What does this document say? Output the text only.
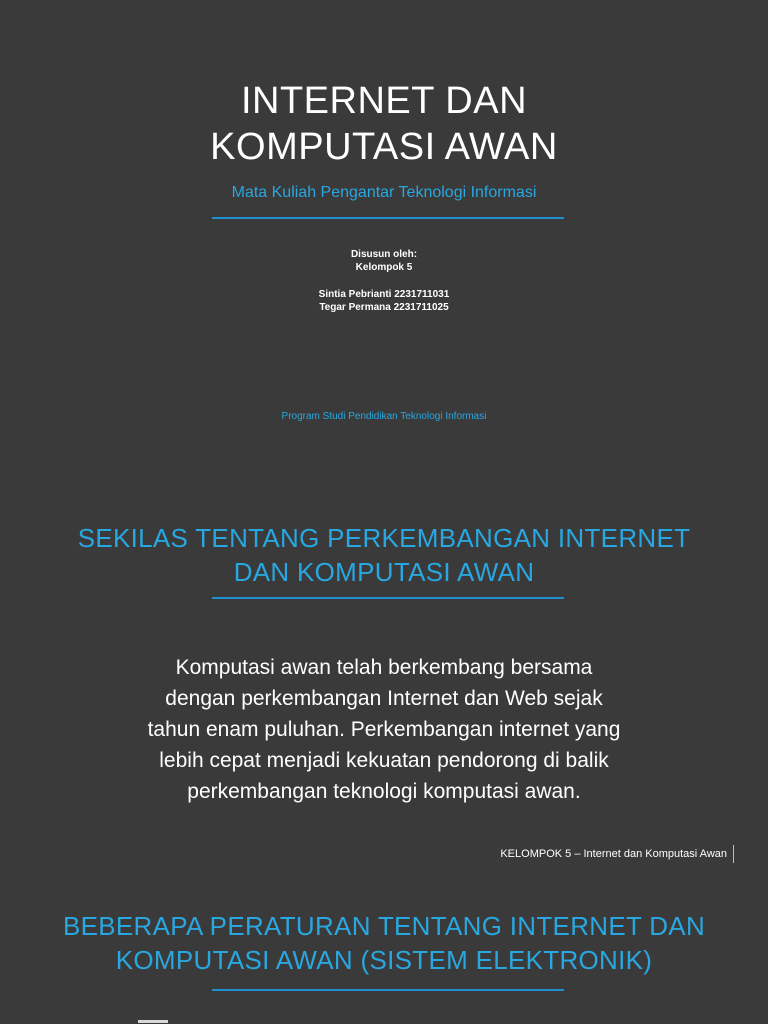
INTERNET DAN
KOMPUTASI AWAN
Mata Kuliah Pengantar Teknologi Informasi
Disusun oleh:
Kelompok 5
Sintia Pebrianti 2231711031
Tegar Permana 2231711025
Program Studi Pendidikan Teknologi Informasi
SEKILAS TENTANG PERKEMBANGAN INTERNET
DAN KOMPUTASI AWAN
Komputasi awan telah berkembang bersama
dengan perkembangan Internet dan Web sejak
tahun enam puluhan. Perkembangan internet yang
lebih cepat menjadi kekuatan pendorong di balik
perkembangan teknologi komputasi awan.
KELOMPOK 5 – Internet dan Komputasi Awan
BEBERAPA PERATURAN TENTANG INTERNET DAN
KOMPUTASI AWAN (SISTEM ELEKTRONIK)
